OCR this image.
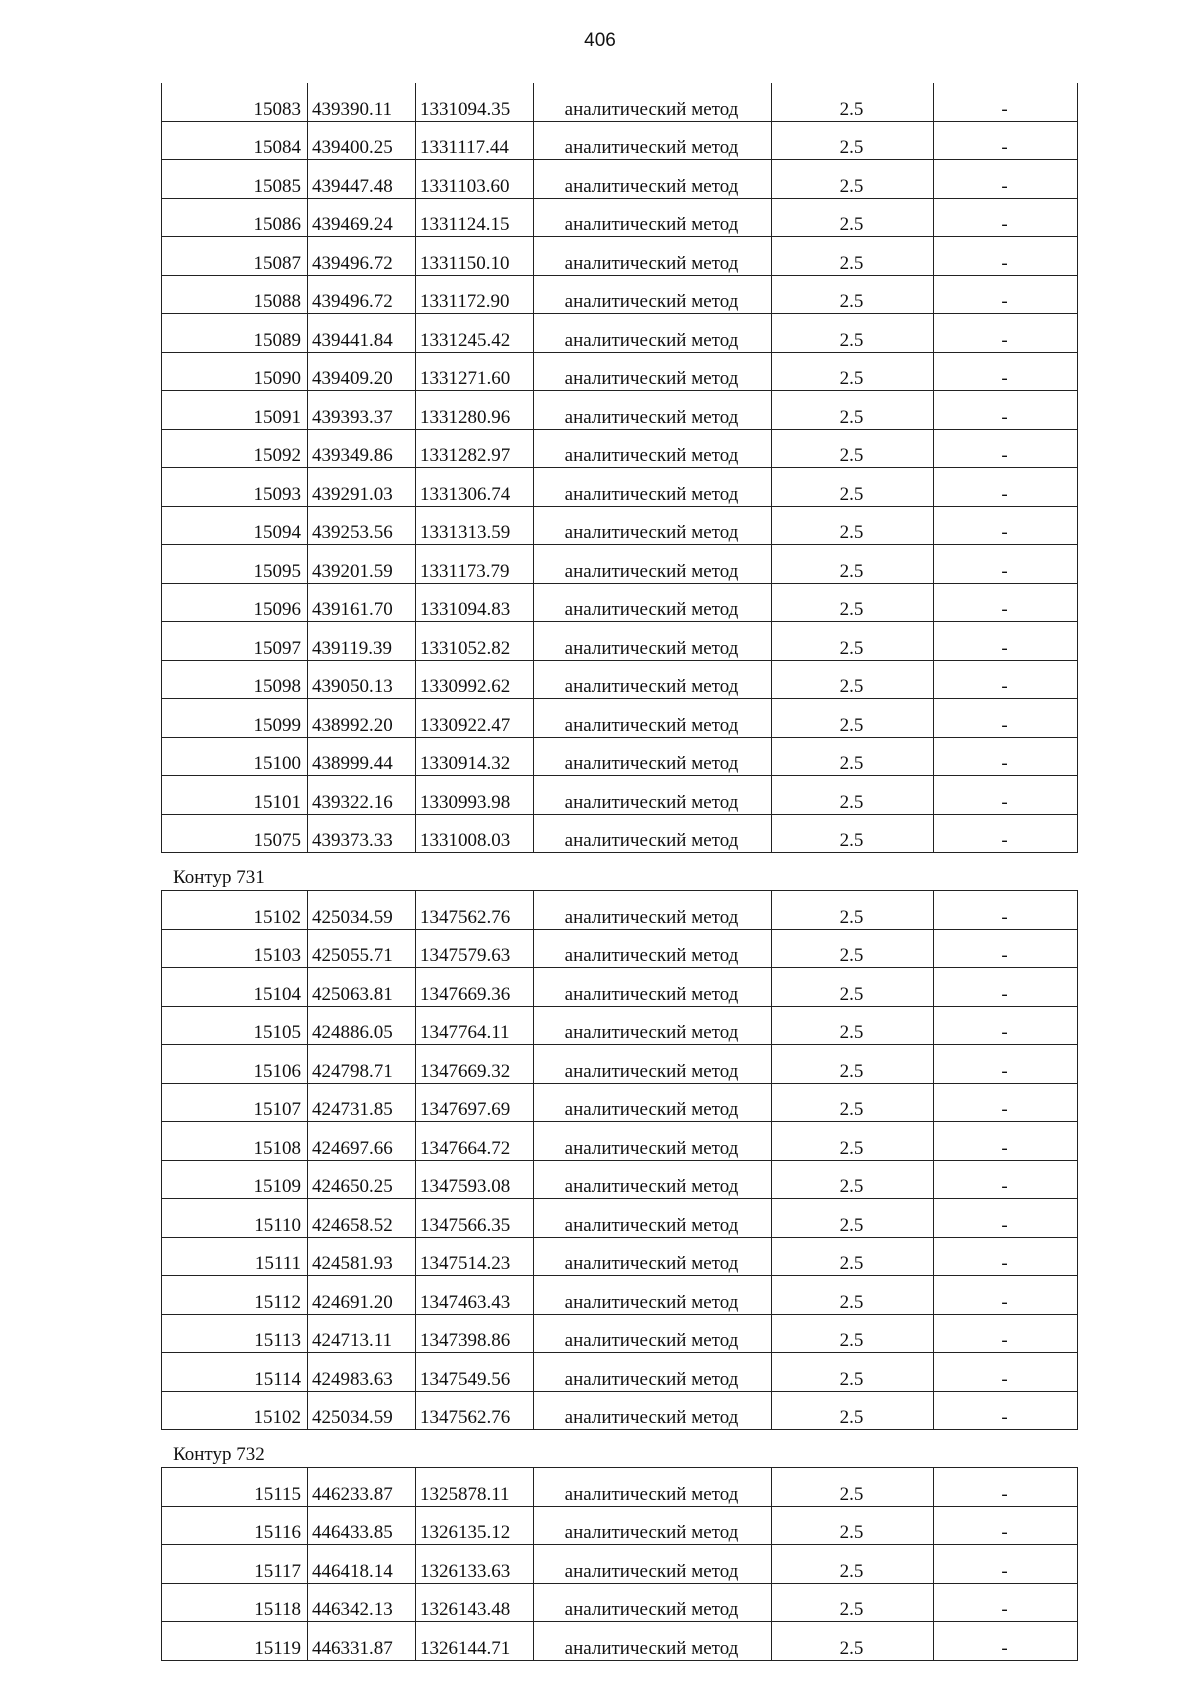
406
15083	439390.11	1331094.35	аналитический метод	2.5	-
15084	439400.25	1331117.44	аналитический метод	2.5	-
15085	439447.48	1331103.60	аналитический метод	2.5	-
15086	439469.24	1331124.15	аналитический метод	2.5	-
15087	439496.72	1331150.10	аналитический метод	2.5	-
15088	439496.72	1331172.90	аналитический метод	2.5	-
15089	439441.84	1331245.42	аналитический метод	2.5	-
15090	439409.20	1331271.60	аналитический метод	2.5	-
15091	439393.37	1331280.96	аналитический метод	2.5	-
15092	439349.86	1331282.97	аналитический метод	2.5	-
15093	439291.03	1331306.74	аналитический метод	2.5	-
15094	439253.56	1331313.59	аналитический метод	2.5	-
15095	439201.59	1331173.79	аналитический метод	2.5	-
15096	439161.70	1331094.83	аналитический метод	2.5	-
15097	439119.39	1331052.82	аналитический метод	2.5	-
15098	439050.13	1330992.62	аналитический метод	2.5	-
15099	438992.20	1330922.47	аналитический метод	2.5	-
15100	438999.44	1330914.32	аналитический метод	2.5	-
15101	439322.16	1330993.98	аналитический метод	2.5	-
15075	439373.33	1331008.03	аналитический метод	2.5	-
Контур 731
15102	425034.59	1347562.76	аналитический метод	2.5	-
15103	425055.71	1347579.63	аналитический метод	2.5	-
15104	425063.81	1347669.36	аналитический метод	2.5	-
15105	424886.05	1347764.11	аналитический метод	2.5	-
15106	424798.71	1347669.32	аналитический метод	2.5	-
15107	424731.85	1347697.69	аналитический метод	2.5	-
15108	424697.66	1347664.72	аналитический метод	2.5	-
15109	424650.25	1347593.08	аналитический метод	2.5	-
15110	424658.52	1347566.35	аналитический метод	2.5	-
15111	424581.93	1347514.23	аналитический метод	2.5	-
15112	424691.20	1347463.43	аналитический метод	2.5	-
15113	424713.11	1347398.86	аналитический метод	2.5	-
15114	424983.63	1347549.56	аналитический метод	2.5	-
15102	425034.59	1347562.76	аналитический метод	2.5	-
Контур 732
15115	446233.87	1325878.11	аналитический метод	2.5	-
15116	446433.85	1326135.12	аналитический метод	2.5	-
15117	446418.14	1326133.63	аналитический метод	2.5	-
15118	446342.13	1326143.48	аналитический метод	2.5	-
15119	446331.87	1326144.71	аналитический метод	2.5	-
